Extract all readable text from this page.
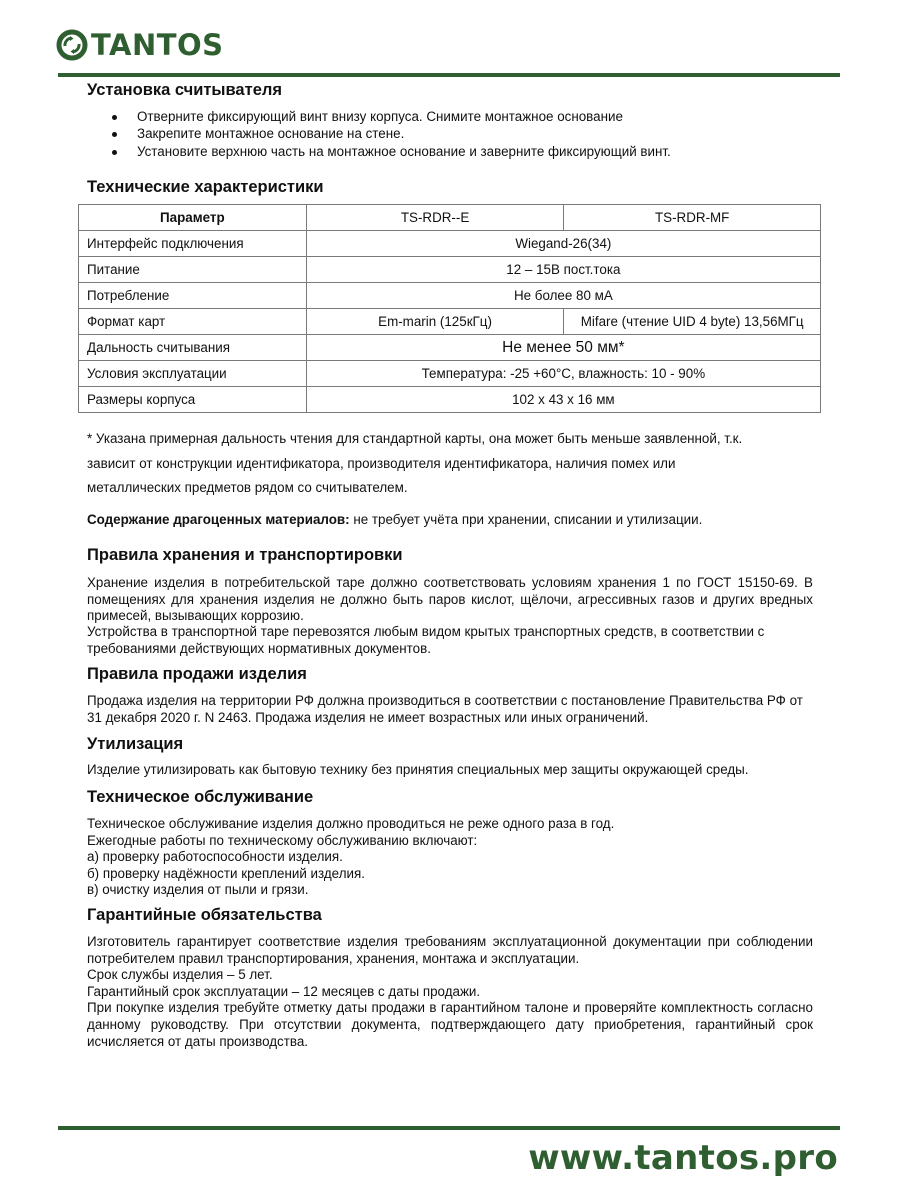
TANTOS
Установка считывателя
Отверните фиксирующий винт внизу корпуса. Снимите монтажное основание
Закрепите монтажное основание на стене.
Установите верхнюю часть на монтажное основание и заверните фиксирующий винт.
Технические характеристики
Параметр	TS-RDR--E	TS-RDR-MF
Интерфейс подключения	Wiegand-26(34)	
Питание	12 – 15В пост.тока	
Потребление	Не более 80 мА	
Формат карт	Em-marin (125кГц)	Mifare (чтение UID 4 byte) 13,56МГц
Дальность считывания	Не менее 50 мм*	
Условия эксплуатации	Температура: -25 +60°С, влажность: 10 - 90%	
Размеры корпуса	102 х 43 х 16 мм	
* Указана примерная дальность чтения для стандартной карты, она может быть меньше заявленной, т.к. зависит от конструкции идентификатора, производителя идентификатора, наличия помех или металлических предметов рядом со считывателем.
Содержание драгоценных материалов: не требует учёта при хранении, списании и утилизации.
Правила хранения и транспортировки
Хранение изделия в потребительской таре должно соответствовать условиям хранения 1 по ГОСТ 15150-69. В помещениях для хранения изделия не должно быть паров кислот, щёлочи, агрессивных газов и других вредных примесей, вызывающих коррозию.
Устройства в транспортной таре перевозятся любым видом крытых транспортных средств, в соответствии с требованиями действующих нормативных документов.
Правила продажи изделия
Продажа изделия на территории РФ должна производиться в соответствии с постановление Правительства РФ от 31 декабря 2020 г. N 2463. Продажа изделия не имеет возрастных или иных ограничений.
Утилизация
Изделие утилизировать как бытовую технику без принятия специальных мер защиты окружающей среды.
Техническое обслуживание
Техническое обслуживание изделия должно проводиться не реже одного раза в год.
Ежегодные работы по техническому обслуживанию включают:
а) проверку работоспособности изделия.
б) проверку надёжности креплений изделия.
в) очистку изделия от пыли и грязи.
Гарантийные обязательства
Изготовитель гарантирует соответствие изделия требованиям эксплуатационной документации при соблюдении потребителем правил транспортирования, хранения, монтажа и эксплуатации.
Срок службы изделия – 5 лет.
Гарантийный срок эксплуатации – 12 месяцев с даты продажи.
При покупке изделия требуйте отметку даты продажи в гарантийном талоне и проверяйте комплектность согласно данному руководству. При отсутствии документа, подтверждающего дату приобретения, гарантийный срок исчисляется от даты производства.
www.tantos.pro
